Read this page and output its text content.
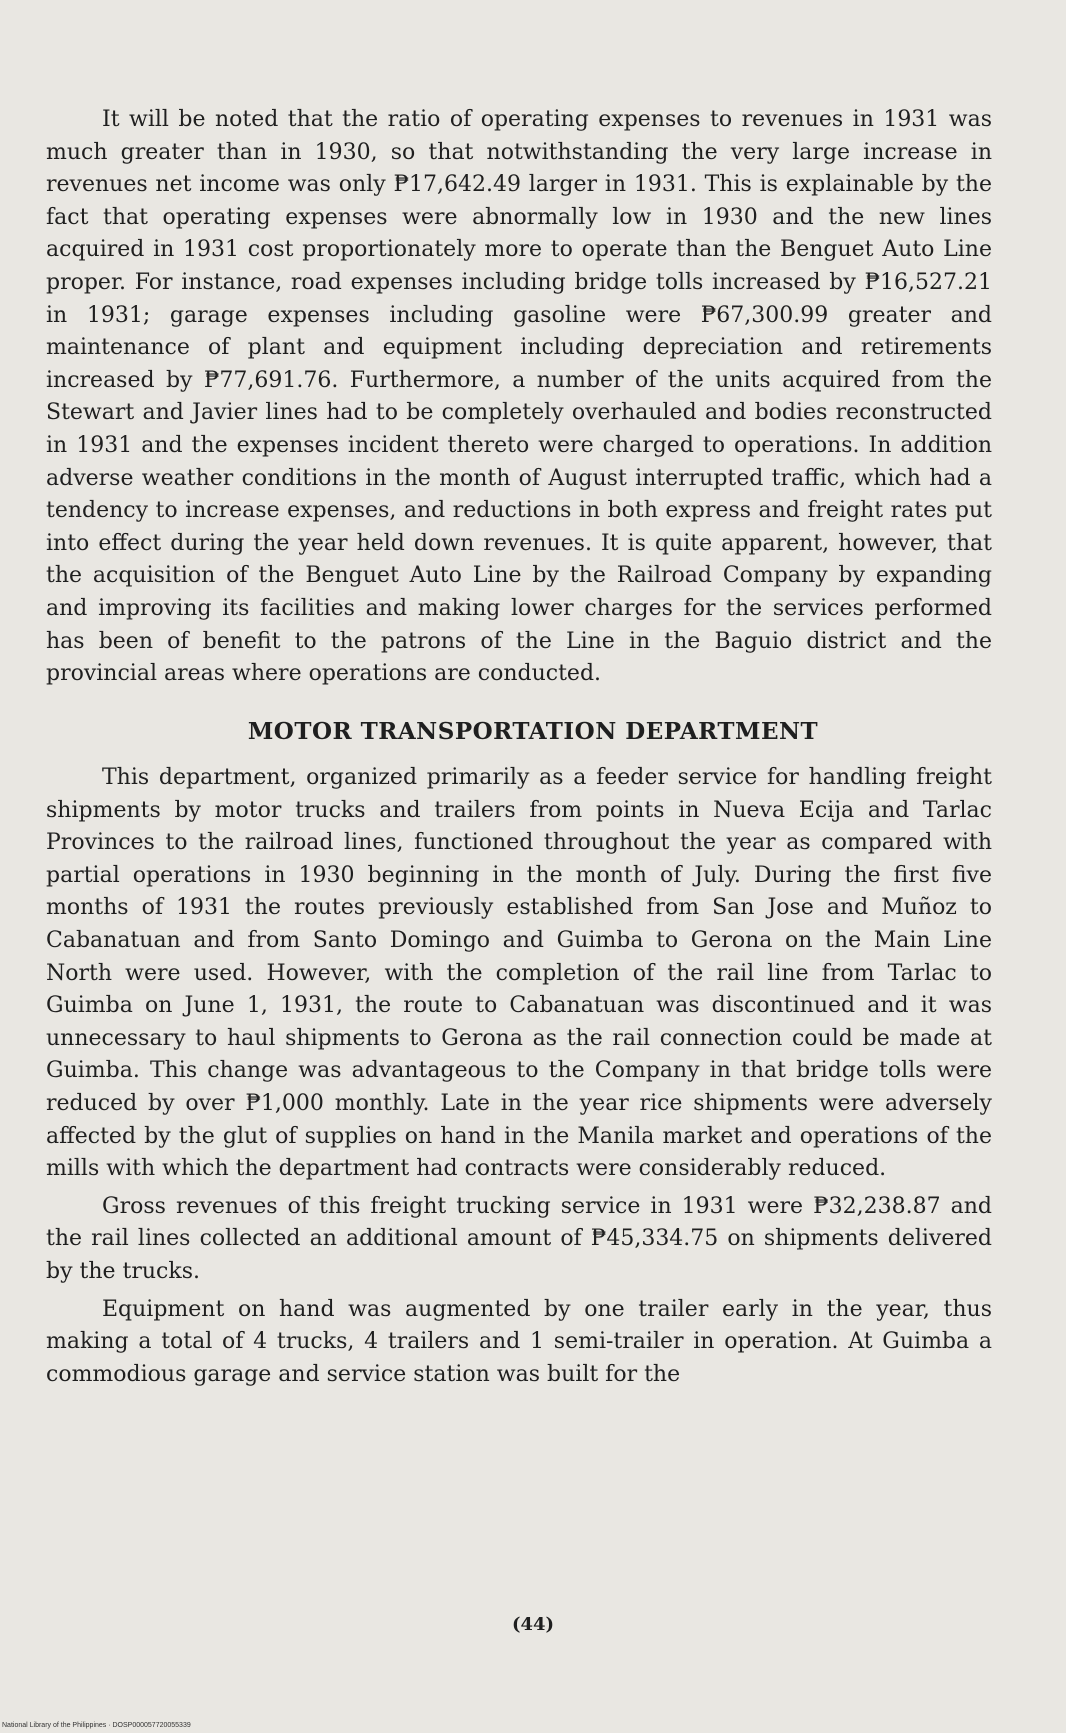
It will be noted that the ratio of operating expenses to revenues in 1931 was much greater than in 1930, so that notwithstanding the very large increase in revenues net income was only ₱17,642.49 larger in 1931. This is explainable by the fact that operating expenses were abnormally low in 1930 and the new lines acquired in 1931 cost proportionately more to operate than the Benguet Auto Line proper. For instance, road expenses including bridge tolls increased by ₱16,527.21 in 1931; garage expenses including gasoline were ₱67,300.99 greater and maintenance of plant and equipment including depreciation and retirements increased by ₱77,691.76. Furthermore, a number of the units acquired from the Stewart and Javier lines had to be completely overhauled and bodies reconstructed in 1931 and the expenses incident thereto were charged to operations. In addition adverse weather conditions in the month of August interrupted traffic, which had a tendency to increase expenses, and reductions in both express and freight rates put into effect during the year held down revenues. It is quite apparent, however, that the acquisition of the Benguet Auto Line by the Railroad Company by expanding and improving its facilities and making lower charges for the services performed has been of benefit to the patrons of the Line in the Baguio district and the provincial areas where operations are conducted.

MOTOR TRANSPORTATION DEPARTMENT

This department, organized primarily as a feeder service for handling freight shipments by motor trucks and trailers from points in Nueva Ecija and Tarlac Provinces to the railroad lines, functioned throughout the year as compared with partial operations in 1930 beginning in the month of July. During the first five months of 1931 the routes previously established from San Jose and Muñoz to Cabanatuan and from Santo Domingo and Guimba to Gerona on the Main Line North were used. However, with the completion of the rail line from Tarlac to Guimba on June 1, 1931, the route to Cabanatuan was discontinued and it was unnecessary to haul shipments to Gerona as the rail connection could be made at Guimba. This change was advantageous to the Company in that bridge tolls were reduced by over ₱1,000 monthly. Late in the year rice shipments were adversely affected by the glut of supplies on hand in the Manila market and operations of the mills with which the department had contracts were considerably reduced.

Gross revenues of this freight trucking service in 1931 were ₱32,238.87 and the rail lines collected an additional amount of ₱45,334.75 on shipments delivered by the trucks.

Equipment on hand was augmented by one trailer early in the year, thus making a total of 4 trucks, 4 trailers and 1 semi-trailer in operation. At Guimba a commodious garage and service station was built for the

(44)
National Library of the Philippines · DOSP000057720055339
